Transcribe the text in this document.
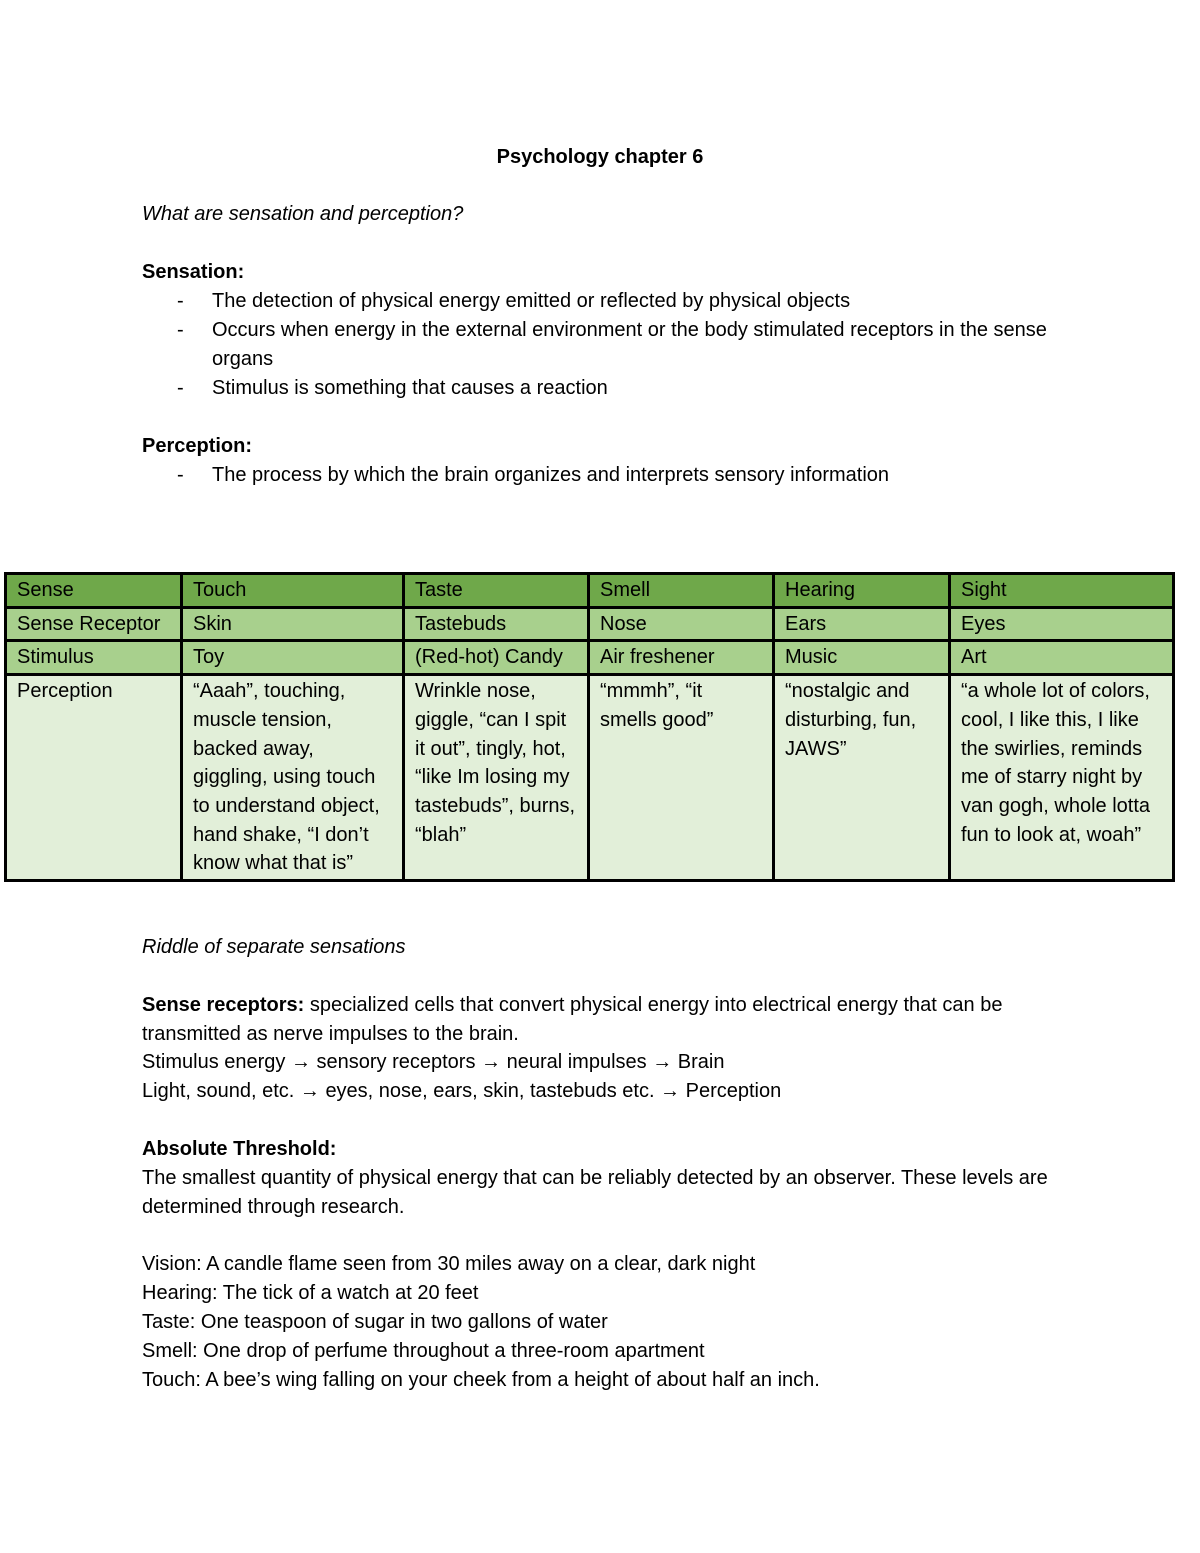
Psychology chapter 6
What are sensation and perception?
Sensation:
- The detection of physical energy emitted or reflected by physical objects
- Occurs when energy in the external environment or the body stimulated receptors in the sense organs
- Stimulus is something that causes a reaction
Perception:
- The process by which the brain organizes and interprets sensory information
Sense	Touch	Taste	Smell	Hearing	Sight
Sense Receptor	Skin	Tastebuds	Nose	Ears	Eyes
Stimulus	Toy	(Red-hot) Candy	Air freshener	Music	Art
Perception	“Aaah”, touching, muscle tension, backed away, giggling, using touch to understand object, hand shake, “I don’t know what that is”	Wrinkle nose, giggle, “can I spit it out”, tingly, hot, “like Im losing my tastebuds”, burns, “blah”	“mmmh”, “it smells good”	“nostalgic and disturbing, fun, JAWS”	“a whole lot of colors, cool, I like this, I like the swirlies, reminds me of starry night by van gogh, whole lotta fun to look at, woah”
Riddle of separate sensations
Sense receptors: specialized cells that convert physical energy into electrical energy that can be transmitted as nerve impulses to the brain.
Stimulus energy → sensory receptors → neural impulses → Brain
Light, sound, etc. → eyes, nose, ears, skin, tastebuds etc. → Perception
Absolute Threshold:
The smallest quantity of physical energy that can be reliably detected by an observer. These levels are determined through research.
Vision: A candle flame seen from 30 miles away on a clear, dark night
Hearing: The tick of a watch at 20 feet
Taste: One teaspoon of sugar in two gallons of water
Smell: One drop of perfume throughout a three-room apartment
Touch: A bee’s wing falling on your cheek from a height of about half an inch.
